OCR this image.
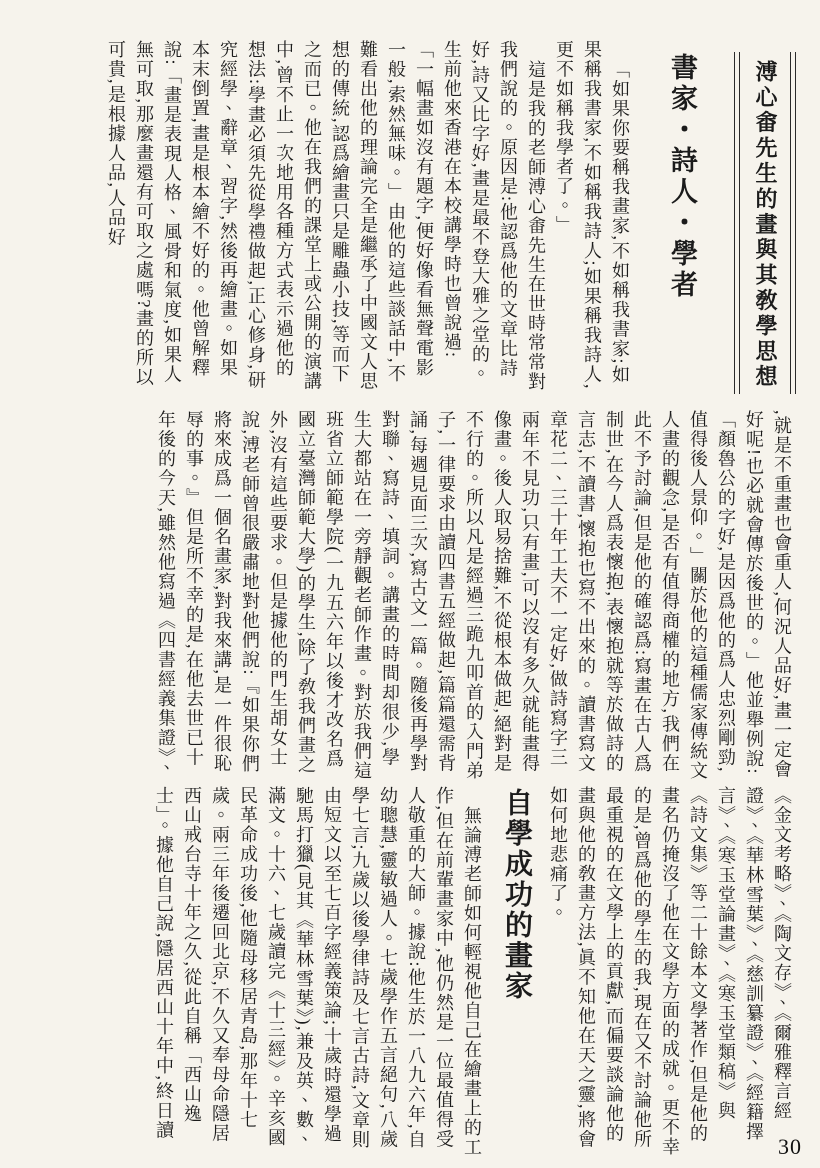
溥心畬先生的畫與其敎學思想
書家・詩人・學者

「如果你要稱我畫家,不如稱我書家;如果稱我書家,不如稱我詩人;如果稱我詩人,更不如稱我學者了。」

這是我的老師溥心畬先生在世時常常對我們說的。原因是:他認爲他的文章比詩好,詩又比字好,畫是最不登大雅之堂的。生前他來香港在本校講學時也曾說過:「一幅畫如沒有題字,便好像看無聲電影一般,索然無味。」由他的這些談話中,不難看出他的理論完全是繼承了中國文人思想的傳統,認爲繪畫只是雕蟲小技,等而下之而已。他在我們的課堂上或公開的演講中,曾不止一次地用各種方式表示過他的想法:學畫必須先從學禮做起,正心修身,研究經學、辭章、習字,然後再繪畫。如果本末倒置,畫是根本繪不好的。他曾解釋說:「畫是表現人格、風骨和氣度,如果人無可取,那麼畫還有可取之處嗎?畫的所以可貴,是根據人品,人品好

,就是不重畫也會重人,何況人品好,畫一定會好呢!也必就會傳於後世的。」他並舉例說:「顏魯公的字好,是因爲他的爲人忠烈剛勁,值得後人景仰。」關於他的這種儒家傳統文人畫的觀念,是否有值得商權的地方,我們在此不予討論,但是他的確認爲:寫畫在古人爲制世,在今人爲表懷抱,表懷抱就等於做詩的言志,不讀書,懷抱也寫不出來的。讀書寫文章花二、三十年工夫不一定好,做詩寫字三兩年不見功,只有畫,可以沒有多久就能畫得像畫。後人取易捨難,不從根本做起,絕對是不行的。所以凡是經過三跪九叩首的入門弟子,一律要求由讀四書五經做起,篇篇還需背誦,每週見面三次,寫古文一篇。隨後再學對對聯、寫詩、填詞。講畫的時間却很少,學生大都站在一旁靜觀老師作畫。對於我們這班省立師範學院(一九五六年以後才改名爲國立臺灣師範大學)的學生,除了敎我們畫之外,沒有這些要求。但是據他的門生胡女士說,溥老師曾很嚴肅地對他們說:『如果你們將來成爲一個名畫家,對我來講,是一件很恥辱的事。』但是所不幸的是,在他去世已十年後的今天,雖然他寫過《四書經義集證》、

《金文考略》、《陶文存》、《爾雅釋言經證》、《華林雪葉》、《慈訓纂證》、《經籍擇言》、《寒玉堂論畫》、《寒玉堂類稿》與《詩文集》等二十餘本文學著作,但是他的畫名仍掩沒了他在文學方面的成就。更不幸的是,曾爲他的學生的我,現在又不討論他所最重視的在文學上的貢獻,而偏要談論他的畫與他的敎畫方法,眞不知他在天之靈,將會如何地悲痛了。

自學成功的畫家

無論溥老師如何輕視他自己在繪畫上的工作,但在前輩畫家中,他仍然是一位最值得受人敬重的大師。據說:他生於一八九六年,自幼聰慧,靈敏過人。七歲學作五言絕句,八歲學七言;九歲以後學律詩及七言古詩,文章則由短文以至七百字經義策論;十歲時還學過馳馬打獵(見其《華林雪葉》),兼及英、數、滿文。十六、七歲讀完《十三經》。辛亥國民革命成功後,他隨母移居青島,那年十七歲。兩三年後遷回北京,不久又奉母命隱居西山戒台寺十年之久,從此自稱「西山逸士」。據他自己說,隱居西山十年中,終日讀

30
